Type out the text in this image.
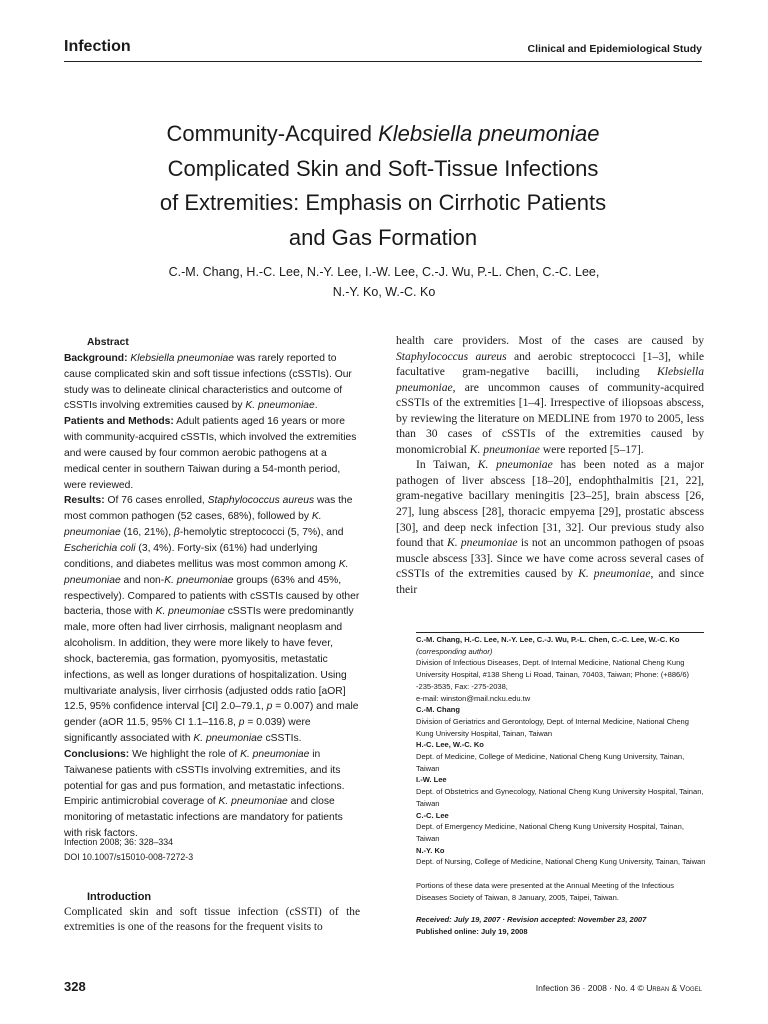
Infection	Clinical and Epidemiological Study
Community-Acquired Klebsiella pneumoniae
Complicated Skin and Soft-Tissue Infections
of Extremities: Emphasis on Cirrhotic Patients
and Gas Formation
C.-M. Chang, H.-C. Lee, N.-Y. Lee, I.-W. Lee, C.-J. Wu, P.-L. Chen, C.-C. Lee,
N.-Y. Ko, W.-C. Ko
Abstract
Background: Klebsiella pneumoniae was rarely reported to cause complicated skin and soft tissue infections (cSSTIs). Our study was to delineate clinical characteristics and outcome of cSSTIs involving extremities caused by K. pneumoniae.
Patients and Methods: Adult patients aged 16 years or more with community-acquired cSSTIs, which involved the extremities and were caused by four common aerobic pathogens at a medical center in southern Taiwan during a 54-month period, were reviewed.
Results: Of 76 cases enrolled, Staphylococcus aureus was the most common pathogen (52 cases, 68%), followed by K. pneumoniae (16, 21%), β-hemolytic streptococci (5, 7%), and Escherichia coli (3, 4%). Forty-six (61%) had underlying conditions, and diabetes mellitus was most common among K. pneumoniae and non-K. pneumoniae groups (63% and 45%, respectively). Compared to patients with cSSTIs caused by other bacteria, those with K. pneumoniae cSSTIs were predominantly male, more often had liver cirrhosis, malignant neoplasm and alcoholism. In addition, they were more likely to have fever, shock, bacteremia, gas formation, pyomyositis, metastatic infections, as well as longer durations of hospitalization. Using multivariate analysis, liver cirrhosis (adjusted odds ratio [aOR] 12.5, 95% confidence interval [CI] 2.0–79.1, p = 0.007) and male gender (aOR 11.5, 95% CI 1.1–116.8, p = 0.039) were significantly associated with K. pneumoniae cSSTIs.
Conclusions: We highlight the role of K. pneumoniae in Taiwanese patients with cSSTIs involving extremities, and its potential for gas and pus formation, and metastatic infections. Empiric antimicrobial coverage of K. pneumoniae and close monitoring of metastatic infections are mandatory for patients with risk factors.
Infection 2008; 36: 328–334
DOI 10.1007/s15010-008-7272-3
Introduction
Complicated skin and soft tissue infection (cSSTI) of the extremities is one of the reasons for the frequent visits to

health care providers. Most of the cases are caused by Staphylococcus aureus and aerobic streptococci [1–3], while facultative gram-negative bacilli, including Klebsiella pneumoniae, are uncommon causes of community-acquired cSSTIs of the extremities [1–4]. Irrespective of iliopsoas abscess, by reviewing the literature on MEDLINE from 1970 to 2005, less than 30 cases of cSSTIs of the extremities caused by monomicrobial K. pneumoniae were reported [5–17].

In Taiwan, K. pneumoniae has been noted as a major pathogen of liver abscess [18–20], endophthalmitis [21, 22], gram-negative bacillary meningitis [23–25], brain abscess [26, 27], lung abscess [28], thoracic empyema [29], prostatic abscess [30], and deep neck infection [31, 32]. Our previous study also found that K. pneumoniae is not an uncommon pathogen of psoas muscle abscess [33]. Since we have come across several cases of cSSTIs of the extremities caused by K. pneumoniae, and since their

C.-M. Chang, H.-C. Lee, N.-Y. Lee, C.-J. Wu, P.-L. Chen, C.-C. Lee, W.-C. Ko (corresponding author)
Division of Infectious Diseases, Dept. of Internal Medicine, National Cheng Kung University Hospital, #138 Sheng Li Road, Tainan, 70403, Taiwan; Phone: (+886/6) -235-3535, Fax: -275-2038,
e-mail: winston@mail.ncku.edu.tw
C.-M. Chang
Division of Geriatrics and Gerontology, Dept. of Internal Medicine, National Cheng Kung University Hospital, Tainan, Taiwan
H.-C. Lee, W.-C. Ko
Dept. of Medicine, College of Medicine, National Cheng Kung University, Tainan, Taiwan
I.-W. Lee
Dept. of Obstetrics and Gynecology, National Cheng Kung University Hospital, Tainan, Taiwan
C.-C. Lee
Dept. of Emergency Medicine, National Cheng Kung University Hospital, Tainan, Taiwan
N.-Y. Ko
Dept. of Nursing, College of Medicine, National Cheng Kung University, Tainan, Taiwan
Portions of these data were presented at the Annual Meeting of the Infectious Diseases Society of Taiwan, 8 January, 2005, Taipei, Taiwan.
Received: July 19, 2007 · Revision accepted: November 23, 2007
Published online: July 19, 2008
328	Infection 36 · 2008 · No. 4 © Urban & Vogel
